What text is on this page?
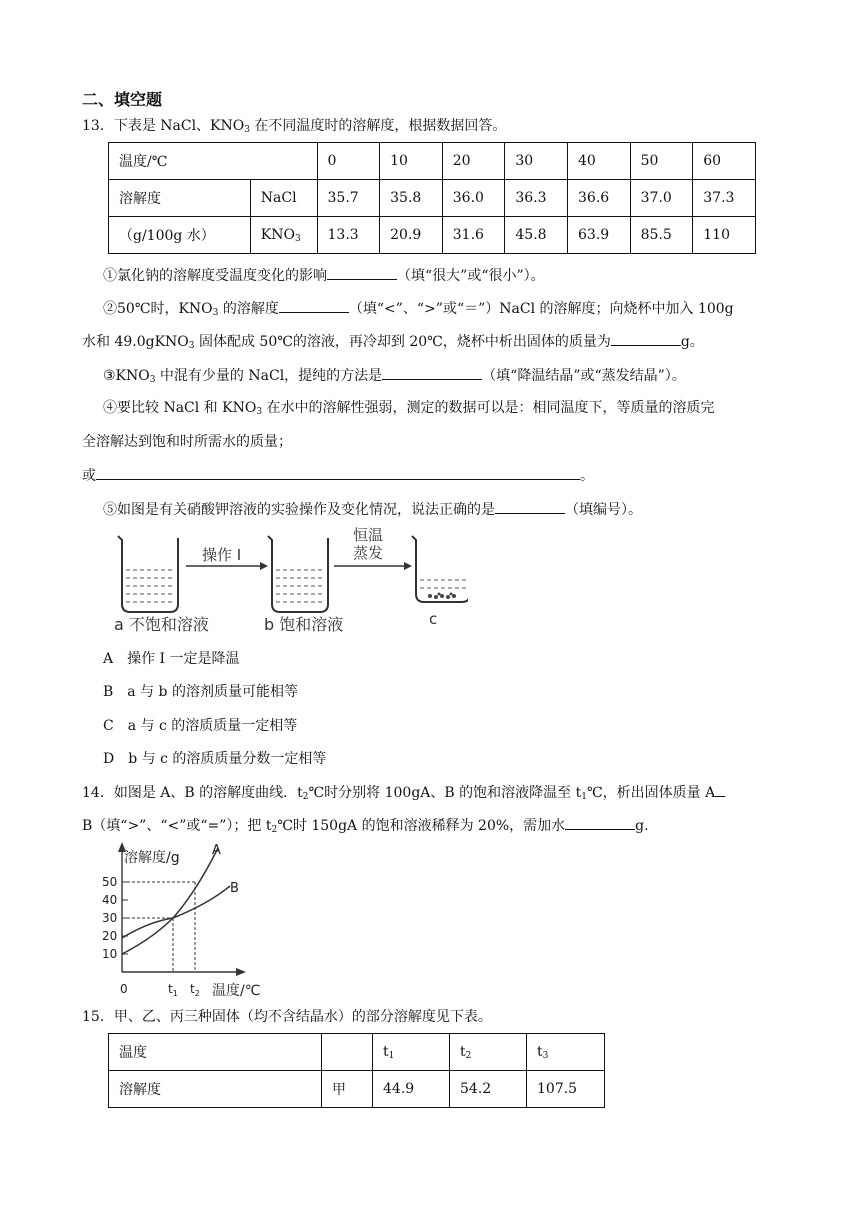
二、填空题
13．下表是 NaCl、$KNO_3$ 在不同温度时的溶解度，根据数据回答。
温度/℃		0	10	20	30	40	50	60
溶解度	NaCl	35.7	35.8	36.0	36.3	36.6	37.0	37.3
（g/100g 水）	$KNO_3$	13.3	20.9	31.6	45.8	63.9	85.5	110
①氯化钠的溶解度受温度变化的影响	（填“很大”或“很小”）。
②50℃时，$KNO_3$ 的溶解度	（填“<”、“>”或“＝”）NaCl 的溶解度；向烧杯中加入 100g
水和 49.0gKNO$_3$ 固体配成 50℃的溶液，再冷却到 20℃，烧杯中析出固体的质量为	g。
$③KNO_3$ 中混有少量的 NaCl，提纯的方法是	（填“降温结晶”或“蒸发结晶”）。
④要比较 NaCl 和 $KNO_3$ 在水中的溶解性强弱，测定的数据可以是：相同温度下，等质量的溶质完
全溶解达到饱和时所需水的质量；
或	。
⑤如图是有关硝酸钾溶液的实验操作及变化情况，说法正确的是	（填编号）。
操作 I
恒温
蒸发
a 不饱和溶液	b 饱和溶液	c
A　操作 I 一定是降温
B　a 与 b 的溶剂质量可能相等
C　a 与 c 的溶质质量一定相等
D　b 与 c 的溶质质量分数一定相等
14．如图是 A、B 的溶解度曲线．$t_2℃$时分别将 100gA、B 的饱和溶液降温至 $t_1℃$，析出固体质量 A
B（填“>”、“<”或“=”）；把 $t_2℃$时 150gA 的饱和溶液稀释为 20%，需加水	g.
溶解度/g A
B
50
40
30
20
10
0	$t_1$ $t_2$ 温度/℃
15．甲、乙、丙三种固体（均不含结晶水）的部分溶解度见下表。
温度		$t_1$	$t_2$	$t_3$
溶解度	甲	44.9	54.2	107.5
